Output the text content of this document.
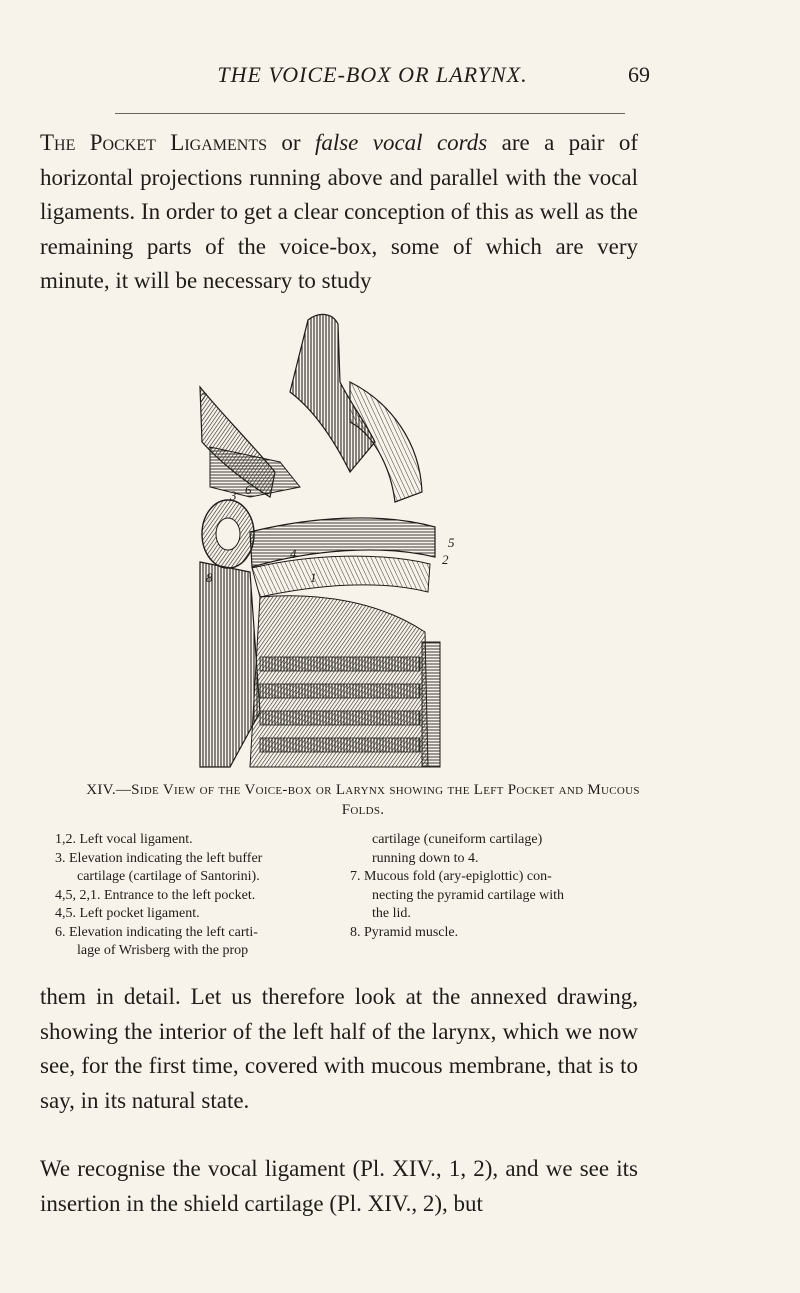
THE VOICE-BOX OR LARYNX.	69

The Pocket Ligaments or false vocal cords are a pair of horizontal projections running above and parallel with the vocal ligaments. In order to get a clear conception of this as well as the remaining parts of the voice-box, some of which are very minute, it will be necessary to study

3 6
4
5
2
7
8	1
XIV.—Side View of the Voice-box or Larynx showing the Left Pocket and Mucous Folds.
1,2. Left vocal ligament.
3. Elevation indicating the left buffer
cartilage (cartilage of Santorini).
4,5, 2,1. Entrance to the left pocket.
4,5. Left pocket ligament.
6. Elevation indicating the left carti-
lage of Wrisberg with the prop
cartilage (cuneiform cartilage)
running down to 4.
7. Mucous fold (ary-epiglottic) con-
necting the pyramid cartilage with
the lid.
8. Pyramid muscle.

them in detail. Let us therefore look at the annexed drawing, showing the interior of the left half of the larynx, which we now see, for the first time, covered with mucous membrane, that is to say, in its natural state.

We recognise the vocal ligament (Pl. XIV., 1, 2), and we see its insertion in the shield cartilage (Pl. XIV., 2), but
